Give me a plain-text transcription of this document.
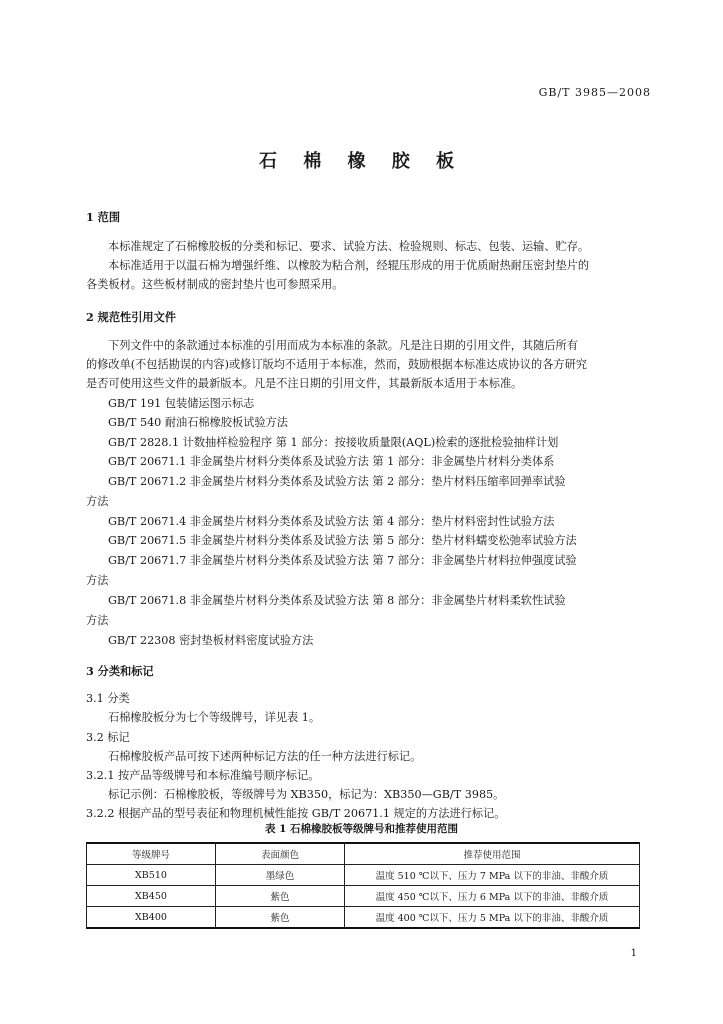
GB/T 3985—2008
石 棉 橡 胶 板
1 范围
本标准规定了石棉橡胶板的分类和标记、要求、试验方法、检验规则、标志、包装、运输、贮存。
本标准适用于以温石棉为增强纤维、以橡胶为粘合剂，经辊压形成的用于优质耐热耐压密封垫片的
各类板材。这些板材制成的密封垫片也可参照采用。
2 规范性引用文件
下列文件中的条款通过本标准的引用而成为本标准的条款。凡是注日期的引用文件，其随后所有
的修改单(不包括勘误的内容)或修订版均不适用于本标准，然而，鼓励根据本标准达成协议的各方研究
是否可使用这些文件的最新版本。凡是不注日期的引用文件，其最新版本适用于本标准。
GB/T 191 包装储运图示标志
GB/T 540 耐油石棉橡胶板试验方法
GB/T 2828.1 计数抽样检验程序 第 1 部分：按接收质量限(AQL)检索的逐批检验抽样计划
GB/T 20671.1 非金属垫片材料分类体系及试验方法 第 1 部分：非金属垫片材料分类体系
GB/T 20671.2 非金属垫片材料分类体系及试验方法 第 2 部分：垫片材料压缩率回弹率试验
方法
GB/T 20671.4 非金属垫片材料分类体系及试验方法 第 4 部分：垫片材料密封性试验方法
GB/T 20671.5 非金属垫片材料分类体系及试验方法 第 5 部分：垫片材料蠕变松弛率试验方法
GB/T 20671.7 非金属垫片材料分类体系及试验方法 第 7 部分：非金属垫片材料拉伸强度试验
方法
GB/T 20671.8 非金属垫片材料分类体系及试验方法 第 8 部分：非金属垫片材料柔软性试验
方法
GB/T 22308 密封垫板材料密度试验方法
3 分类和标记
3.1 分类
石棉橡胶板分为七个等级牌号，详见表 1。
3.2 标记
石棉橡胶板产品可按下述两种标记方法的任一种方法进行标记。
3.2.1 按产品等级牌号和本标准编号顺序标记。
标记示例：石棉橡胶板，等级牌号为 XB350，标记为：XB350—GB/T 3985。
3.2.2 根据产品的型号表征和物理机械性能按 GB/T 20671.1 规定的方法进行标记。
表 1 石棉橡胶板等级牌号和推荐使用范围
等级牌号	表面颜色	推荐使用范围
XB510	墨绿色	温度 510 ℃以下、压力 7 MPa 以下的非油、非酸介质
XB450	紫色	温度 450 ℃以下、压力 6 MPa 以下的非油、非酸介质
XB400	紫色	温度 400 ℃以下、压力 5 MPa 以下的非油、非酸介质
1
